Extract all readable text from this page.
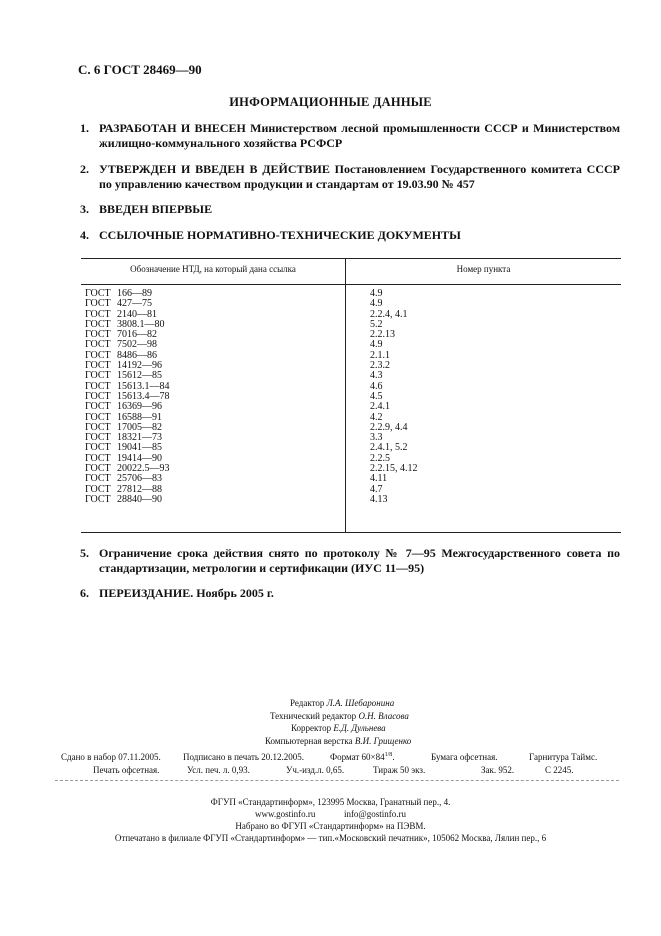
С. 6 ГОСТ 28469—90
ИНФОРМАЦИОННЫЕ ДАННЫЕ
1. РАЗРАБОТАН И ВНЕСЕН Министерством лесной промышленности СССР и Министерством жилищно-коммунального хозяйства РСФСР
2. УТВЕРЖДЕН И ВВЕДЕН В ДЕЙСТВИЕ Постановлением Государственного комитета СССР по управлению качеством продукции и стандартам от 19.03.90 № 457
3. ВВЕДЕН ВПЕРВЫЕ
4. ССЫЛОЧНЫЕ НОРМАТИВНО-ТЕХНИЧЕСКИЕ ДОКУМЕНТЫ
Обозначение НТД, на который дана ссылка	Номер пункта
ГОСТ 166—89	4.9
ГОСТ 427—75	4.9
ГОСТ 2140—81	2.2.4, 4.1
ГОСТ 3808.1—80	5.2
ГОСТ 7016—82	2.2.13
ГОСТ 7502—98	4.9
ГОСТ 8486—86	2.1.1
ГОСТ 14192—96	2.3.2
ГОСТ 15612—85	4.3
ГОСТ 15613.1—84	4.6
ГОСТ 15613.4—78	4.5
ГОСТ 16369—96	2.4.1
ГОСТ 16588—91	4.2
ГОСТ 17005—82	2.2.9, 4.4
ГОСТ 18321—73	3.3
ГОСТ 19041—85	2.4.1, 5.2
ГОСТ 19414—90	2.2.5
ГОСТ 20022.5—93	2.2.15, 4.12
ГОСТ 25706—83	4.11
ГОСТ 27812—88	4.7
ГОСТ 28840—90	4.13
5. Ограничение срока действия снято по протоколу № 7—95 Межгосударственного совета по стандартизации, метрологии и сертификации (ИУС 11—95)
6. ПЕРЕИЗДАНИЕ. Ноябрь 2005 г.
Редактор Л.А. Шебаронина
Технический редактор О.Н. Власова
Корректор Е.Д. Дульнева
Компьютерная верстка В.И. Грищенко
Сдано в набор 07.11.2005. Подписано в печать 20.12.2005.	Формат $60\times 84^{1/8}$.	Бумага офсетная.	Гарнитура Таймс.
Печать офсетная.	Усл. печ. л. 0,93.	Уч.-изд.л. 0,65.	Тираж 50 экз.	Зак. 952.	С 2245.
ФГУП «Стандартинформ», 123995 Москва, Гранатный пер., 4.
www.gostinfo.ru	info@gostinfo.ru
Набрано во ФГУП «Стандартинформ» на ПЭВМ.
Отпечатано в филиале ФГУП «Стандартинформ» — тип.«Московский печатник», 105062 Москва, Лялин пер., 6
